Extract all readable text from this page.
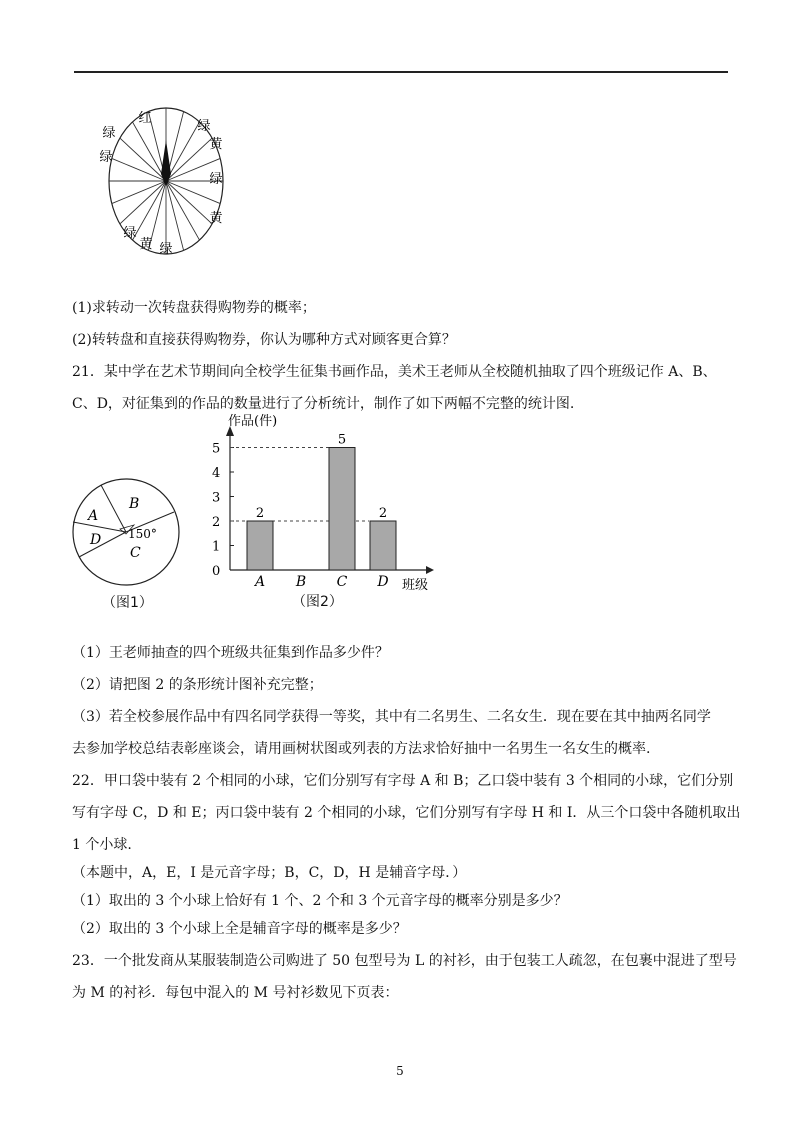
红
绿
黄
绿
黄
绿
黄 绿
绿
绿
(1)求转动一次转盘获得购物券的概率；
(2)转转盘和直接获得购物券，你认为哪种方式对顾客更合算？
21．某中学在艺术节期间向全校学生征集书画作品，美术王老师从全校随机抽取了四个班级记作 A、B、
C、D，对征集到的作品的数量进行了分析统计，制作了如下两幅不完整的统计图.
B
A
D
C
150°
（图1）
0
1
2
3
4
5
2
A B
5
C
2
D
作品(件)
班级
（图2）
（1）王老师抽查的四个班级共征集到作品多少件？
（2）请把图 2 的条形统计图补充完整；
（3）若全校参展作品中有四名同学获得一等奖，其中有二名男生、二名女生．现在要在其中抽两名同学
去参加学校总结表彰座谈会，请用画树状图或列表的方法求恰好抽中一名男生一名女生的概率.
22．甲口袋中装有 2 个相同的小球，它们分别写有字母 A 和 B；乙口袋中装有 3 个相同的小球，它们分别
写有字母 C，D 和 E；丙口袋中装有 2 个相同的小球，它们分别写有字母 H 和 I．从三个口袋中各随机取出
1 个小球.
（本题中，A，E，I 是元音字母；B，C，D，H 是辅音字母．）
（1）取出的 3 个小球上恰好有 1 个、2 个和 3 个元音字母的概率分别是多少？
（2）取出的 3 个小球上全是辅音字母的概率是多少？
23．一个批发商从某服装制造公司购进了 50 包型号为 L 的衬衫，由于包装工人疏忽，在包裹中混进了型号
为 M 的衬衫．每包中混入的 M 号衬衫数见下页表：
5
